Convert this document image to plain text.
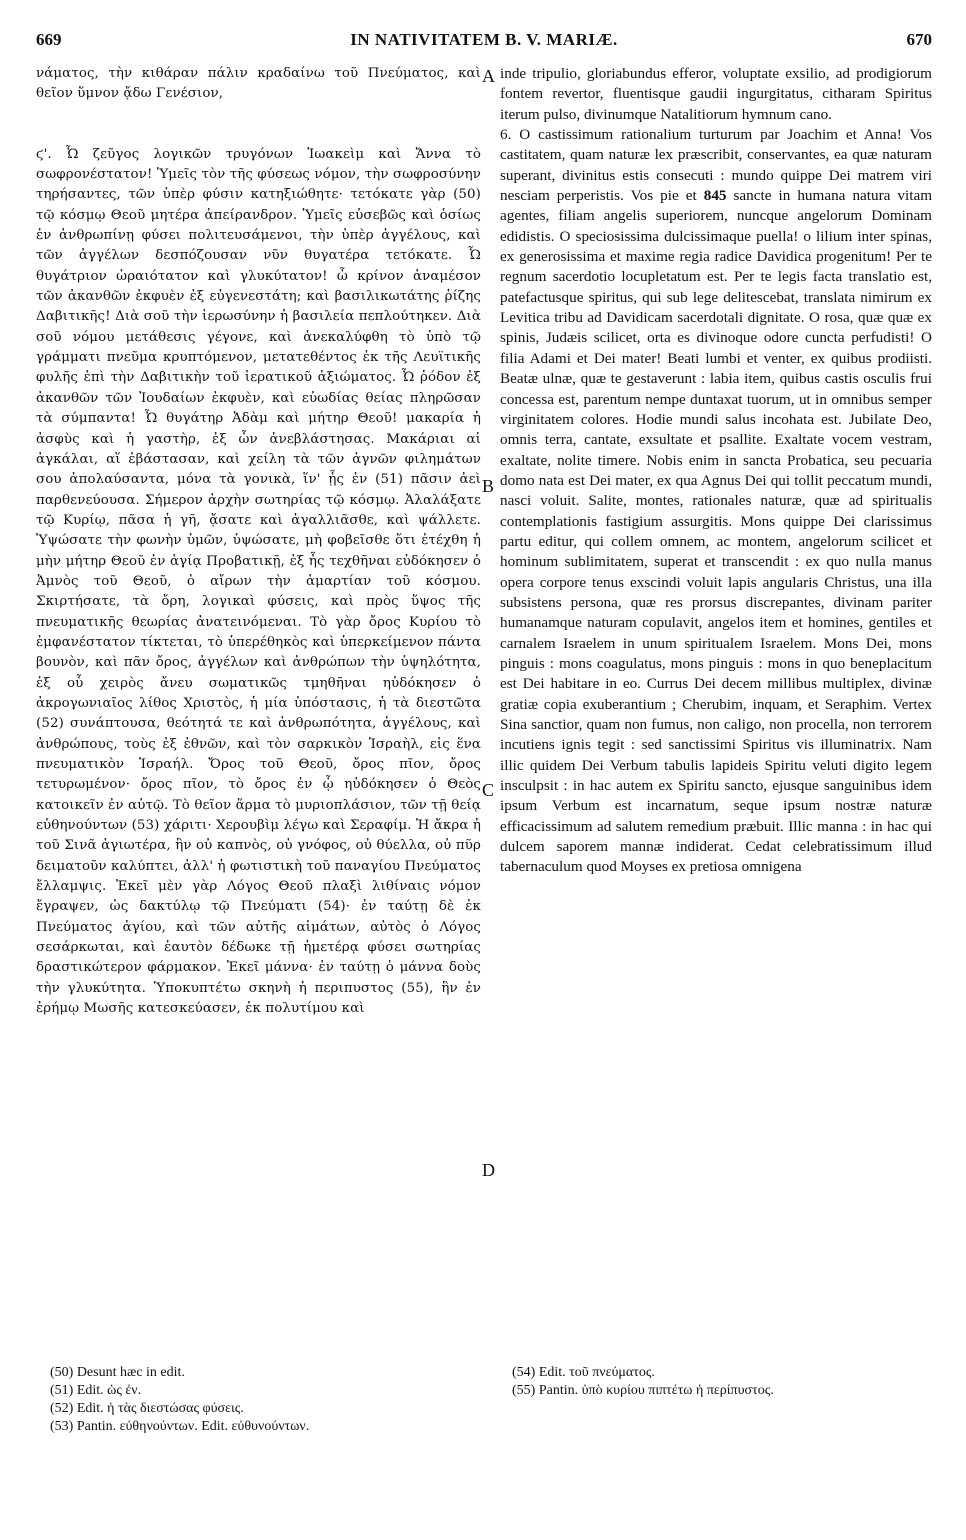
669	IN NATIVITATEM B. V. MARIÆ.	670

νάματος, τὴν κιθάραν πάλιν κραδαίνω τοῦ Πνεύματος, καὶ θεῖον ὕμνον ᾄδω Γενέσιον,

ϛ'. Ὦ ζεῦγος λογικῶν τρυγόνων Ἰωακεὶμ καὶ Ἄννα τὸ σωφρονέστατον! Ὑμεῖς τὸν τῆς φύσεως νόμον, τὴν σωφροσύνην τηρήσαντες, τῶν ὑπὲρ φύσιν κατηξιώθητε· τετόκατε γὰρ (50) τῷ κόσμῳ Θεοῦ μητέρα ἀπείρανδρον. Ὑμεῖς εὐσεβῶς καὶ ὁσίως ἐν ἀνθρωπίνῃ φύσει πολιτευσάμενοι, τὴν ὑπὲρ ἀγγέλους, καὶ τῶν ἀγγέλων δεσπόζουσαν νῦν θυγατέρα τετόκατε. Ὦ θυγάτριον ὡραιότατον καὶ γλυκύτατον! ὦ κρίνον ἀναμέσον τῶν ἀκανθῶν ἐκφυὲν ἐξ εὐγενεστάτη; καὶ βασιλικωτάτης ῥίζης Δαβιτικῆς! Διὰ σοῦ τὴν ἱερωσύνην ἡ βασιλεία πεπλούτηκεν. Διὰ σοῦ νόμου μετάθεσις γέγονε, καὶ ἀνεκαλύφθη τὸ ὑπὸ τῷ γράμματι πνεῦμα κρυπτόμενον, μετατεθέντος ἐκ τῆς Λευϊτικῆς φυλῆς ἐπὶ τὴν Δαβιτικὴν τοῦ ἱερατικοῦ ἀξιώματος. Ὦ ῥόδον ἐξ ἀκανθῶν τῶν Ἰουδαίων ἐκφυὲν, καὶ εὐωδίας θείας πληρῶσαν τὰ σύμπαντα! Ὦ θυγάτηρ Ἀδὰμ καὶ μήτηρ Θεοῦ! μακαρία ἡ ἀσφὺς καὶ ἡ γαστὴρ, ἐξ ὧν ἀνεβλάστησας. Μακάριαι αἱ ἀγκάλαι, αἵ ἐβάστασαν, καὶ χείλη τὰ τῶν ἁγνῶν φιλημάτων σου ἀπολαύσαντα, μόνα τὰ γονικὰ, ἵν' ᾖς ἐν (51) πᾶσιν ἀεὶ παρθενεύουσα. Σήμερον ἀρχὴν σωτηρίας τῷ κόσμῳ. Ἀλαλάξατε τῷ Κυρίῳ, πᾶσα ἡ γῆ, ᾄσατε καὶ ἀγαλλιᾶσθε, καὶ ψάλλετε. Ὑψώσατε τὴν φωνὴν ὑμῶν, ὑψώσατε, μὴ φοβεῖσθε ὅτι ἐτέχθη ἡ μὴν μήτηρ Θεοῦ ἐν ἁγίᾳ Προβατικῇ, ἐξ ἧς τεχθῆναι εὐδόκησεν ὁ Ἀμνὸς τοῦ Θεοῦ, ὁ αἴρων τὴν ἁμαρτίαν τοῦ κόσμου. Σκιρτήσατε, τὰ ὄρη, λογικαὶ φύσεις, καὶ πρὸς ὕψος τῆς πνευματικῆς θεωρίας ἀνατεινόμεναι. Τὸ γὰρ ὄρος Κυρίου τὸ ἐμφανέστατον τίκτεται, τὸ ὑπερέθηκὸς καὶ ὑπερκείμενον πάντα βουνὸν, καὶ πᾶν ὄρος, ἀγγέλων καὶ ἀνθρώπων τὴν ὑψηλότητα, ἐξ οὗ χειρὸς ἄνευ σωματικῶς τμηθῆναι ηὐδόκησεν ὁ ἀκρογωνιαῖος λίθος Χριστὸς, ἡ μία ὑπόστασις, ἡ τὰ διεστῶτα (52) συνάπτουσα, θεότητά τε καὶ ἀνθρωπότητα, ἀγγέλους, καὶ ἀνθρώπους, τοὺς ἐξ ἐθνῶν, καὶ τὸν σαρκικὸν Ἰσραὴλ, εἰς ἕνα πνευματικὸν Ἰσραήλ. Ὄρος τοῦ Θεοῦ, ὄρος πῖον, ὄρος τετυρωμένον· ὄρος πῖον, τὸ ὄρος ἐν ᾧ ηὐδόκησεν ὁ Θεὸς κατοικεῖν ἐν αὐτῷ. Τὸ θεῖον ἅρμα τὸ μυριοπλάσιον, τῶν τῇ θείᾳ εὐθηνούντων (53) χάριτι· Χερουβὶμ λέγω καὶ Σεραφίμ. Ἡ ἄκρα ἡ τοῦ Σινᾶ ἁγιωτέρα, ἣν οὐ καπνὸς, οὐ γνόφος, οὐ θύελλα, οὐ πῦρ δειματοῦν καλύπτει, ἀλλ' ἡ φωτιστικὴ τοῦ παναγίου Πνεύματος ἔλλαμψις. Ἐκεῖ μὲν γὰρ Λόγος Θεοῦ πλαξὶ λιθίναις νόμον ἔγραψεν, ὡς δακτύλῳ τῷ Πνεύματι (54)· ἐν ταύτῃ δὲ ἐκ Πνεύματος ἁγίου, καὶ τῶν αὐτῆς αἱμάτων, αὐτὸς ὁ Λόγος σεσάρκωται, καὶ ἑαυτὸν δέδωκε τῇ ἡμετέρᾳ φύσει σωτηρίας δραστικώτερον φάρμακον. Ἐκεῖ μάννα· ἐν ταύτῃ ὁ μάννα δοὺς τὴν γλυκύτητα. Ὑποκυπτέτω σκηνὴ ἡ περιπυστος (55), ἣν ἐν ἐρήμῳ Μωσῆς κατεσκεύασεν, ἐκ πολυτίμου καὶ

inde tripulio, gloriabundus efferor, voluptate exsilio, ad prodigiorum fontem revertor, fluentisque gaudii ingurgitatus, citharam Spiritus iterum pulso, divinumque Natalitiorum hymnum cano.

6. O castissimum rationalium turturum par Joachim et Anna! Vos castitatem, quam naturæ lex præscribit, conservantes, ea quæ naturam superant, divinitus estis consecuti : mundo quippe Dei matrem viri nesciam perperistis. Vos pie et 845 sancte in humana natura vitam agentes, filiam angelis superiorem, nuncque angelorum Dominam edidistis. O speciosissima dulcissimaque puella! o lilium inter spinas, ex generosissima et maxime regia radice Davidica progenitum! Per te regnum sacerdotio locupletatum est. Per te legis facta translatio est, patefactusque spiritus, qui sub lege delitescebat, translata nimirum ex Levitica tribu ad Davidicam sacerdotali dignitate. O rosa, quæ quæ ex spinis, Judæis scilicet, orta es divinoque odore cuncta perfudisti! O filia Adami et Dei mater! Beati lumbi et venter, ex quibus prodiisti. Beatæ ulnæ, quæ te gestaverunt : labia item, quibus castis osculis frui concessa est, parentum nempe duntaxat tuorum, ut in omnibus semper virginitatem colores. Hodie mundi salus incohata est. Jubilate Deo, omnis terra, cantate, exsultate et psallite. Exaltate vocem vestram, exaltate, nolite timere. Nobis enim in sancta Probatica, seu pecuaria domo nata est Dei mater, ex qua Agnus Dei qui tollit peccatum mundi, nasci voluit. Salite, montes, rationales naturæ, quæ ad spiritualis contemplationis fastigium assurgitis. Mons quippe Dei clarissimus partu editur, qui collem omnem, ac montem, angelorum scilicet et hominum sublimitatem, superat et transcendit : ex quo nulla manus opera corpore tenus exscindi voluit lapis angularis Christus, una illa subsistens persona, quæ res prorsus discrepantes, divinam pariter humanamque naturam copulavit, angelos item et homines, gentiles et carnalem Israelem in unum spiritualem Israelem. Mons Dei, mons pinguis : mons coagulatus, mons pinguis : mons in quo beneplacitum est Dei habitare in eo. Currus Dei decem millibus multiplex, divinæ gratiæ copia exuberantium ; Cherubim, inquam, et Seraphim. Vertex Sina sanctior, quam non fumus, non caligo, non procella, non terrorem incutiens ignis tegit : sed sanctissimi Spiritus vis illuminatrix. Nam illic quidem Dei Verbum tabulis lapideis Spiritu veluti digito legem insculpsit : in hac autem ex Spiritu sancto, ejusque sanguinibus idem ipsum Verbum est incarnatum, seque ipsum nostræ naturæ efficacissimum ad salutem remedium præbuit. Illic manna : in hac qui dulcem saporem mannæ indiderat. Cedat celebratissimum illud tabernaculum quod Moyses ex pretiosa omnigena

A
B
C
D
(50) Desunt hæc in edit.
(51) Edit. ὡς ἐν.
(52) Edit. ἡ τὰς διεστώσας φύσεις.
(53) Pantin. εὐθηνούντων. Edit. εὐθυνούντων.
(54) Edit. τοῦ πνεύματος.
(55) Pantin. ὑπὸ κυρίου πιπτέτω ἡ περίπυστος.
